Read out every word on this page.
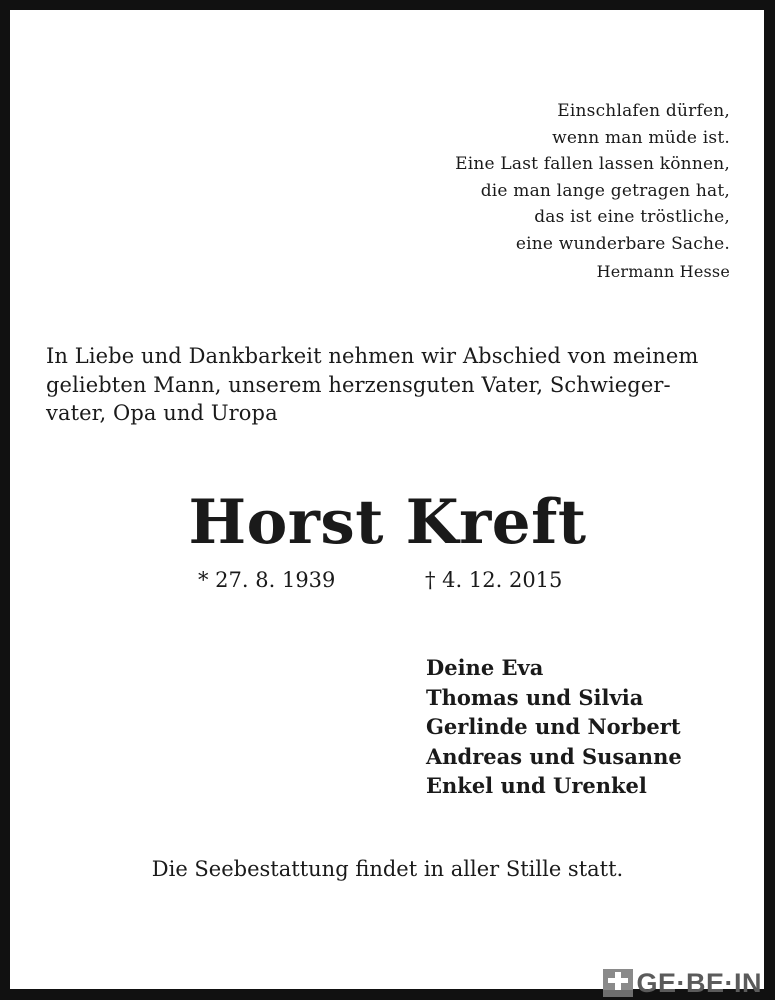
Einschlafen dürfen,
wenn man müde ist.
Eine Last fallen lassen können,
die man lange getragen hat,
das ist eine tröstliche,
eine wunderbare Sache.
Hermann Hesse
In Liebe und Dankbarkeit nehmen wir Abschied von meinem
geliebten Mann, unserem herzensguten Vater, Schwieger-
vater, Opa und Uropa
Horst Kreft
* 27. 8. 1939	† 4. 12. 2015
Deine Eva
Thomas und Silvia
Gerlinde und Norbert
Andreas und Susanne
Enkel und Urenkel
Die Seebestattung findet in aller Stille statt.
GE·BE·IN
